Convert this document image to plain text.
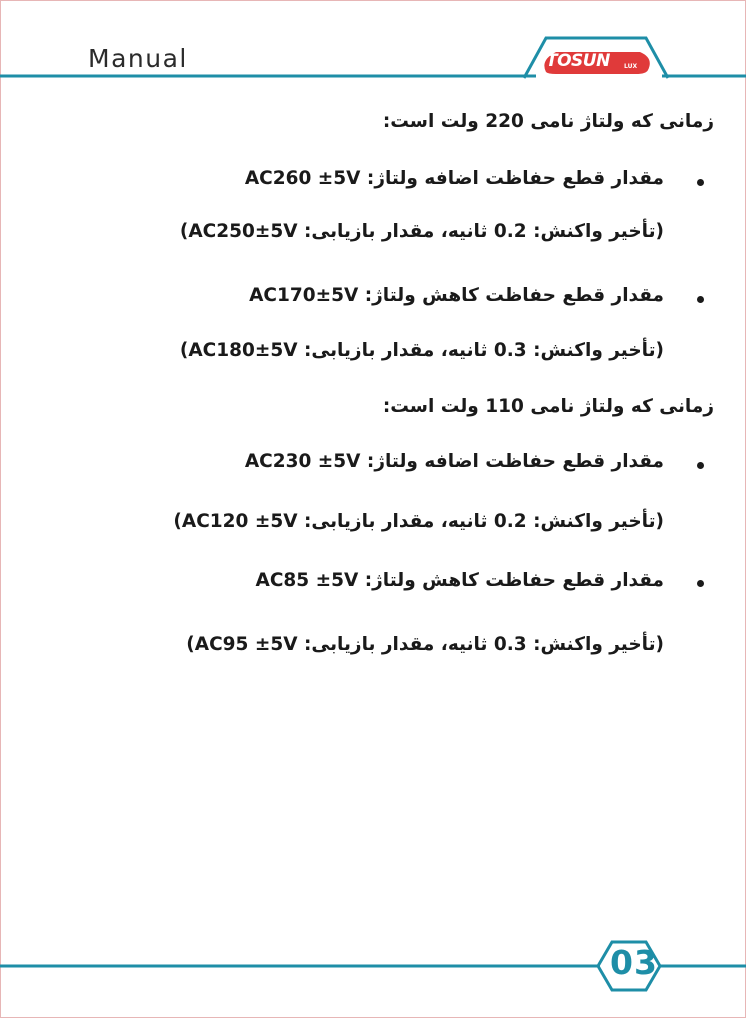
Manual	TOSUN LUX
زمانی که ولتاژ نامی 220 ولت است:
مقدار قطع حفاظت اضافه ولتاژ: AC260 ±5V
(تأخیر واکنش: 0.2 ثانیه، مقدار بازیابی: AC250±5V)
مقدار قطع حفاظت کاهش ولتاژ: AC170±5V
(تأخیر واکنش: 0.3 ثانیه، مقدار بازیابی: AC180±5V)
زمانی که ولتاژ نامی 110 ولت است:
مقدار قطع حفاظت اضافه ولتاژ: AC230 ±5V
(تأخیر واکنش: 0.2 ثانیه، مقدار بازیابی: AC120 ±5V)
مقدار قطع حفاظت کاهش ولتاژ: AC85 ±5V
(تأخیر واکنش: 0.3 ثانیه، مقدار بازیابی: AC95 ±5V)
03
